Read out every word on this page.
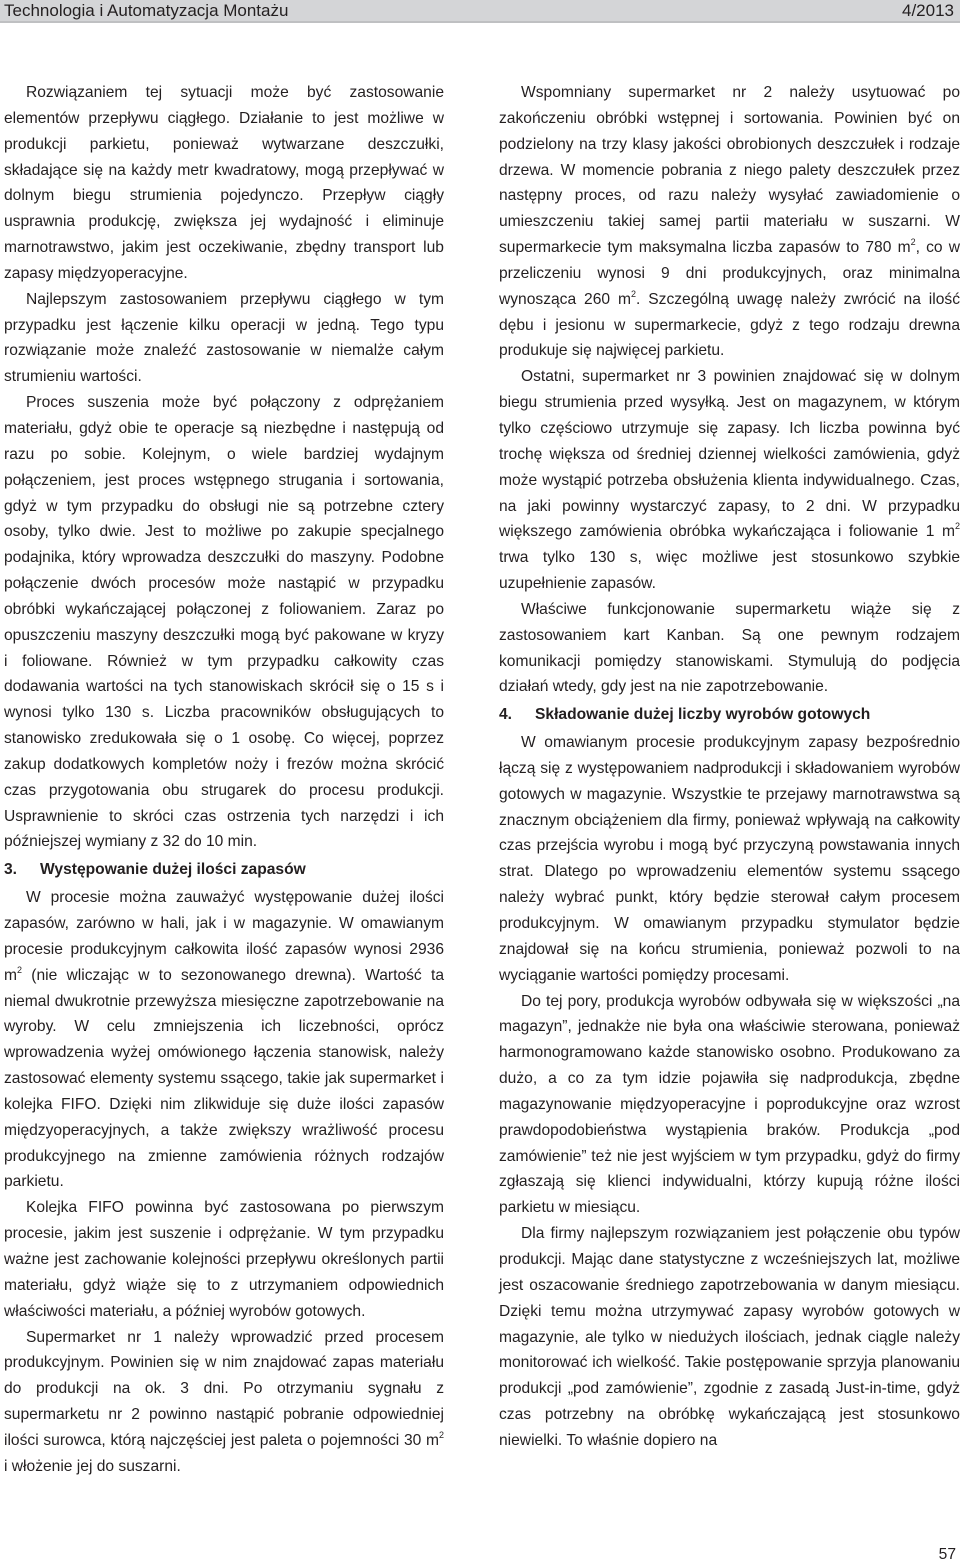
Technologia i Automatyzacja Montażu	4/2013

Rozwiązaniem tej sytuacji może być zastosowanie elementów przepływu ciągłego. Działanie to jest możliwe w produkcji parkietu, ponieważ wytwarzane deszczułki, składające się na każdy metr kwadratowy, mogą przepływać w dolnym biegu strumienia pojedynczo. Przepływ ciągły usprawnia produkcję, zwiększa jej wydajność i eliminuje marnotrawstwo, jakim jest oczekiwanie, zbędny transport lub zapasy międzyoperacyjne.

Najlepszym zastosowaniem przepływu ciągłego w tym przypadku jest łączenie kilku operacji w jedną. Tego typu rozwiązanie może znaleźć zastosowanie w niemalże całym strumieniu wartości.

Proces suszenia może być połączony z odprężaniem materiału, gdyż obie te operacje są niezbędne i następują od razu po sobie. Kolejnym, o wiele bardziej wydajnym połączeniem, jest proces wstępnego strugania i sortowania, gdyż w tym przypadku do obsługi nie są potrzebne cztery osoby, tylko dwie. Jest to możliwe po zakupie specjalnego podajnika, który wprowadza deszczułki do maszyny. Podobne połączenie dwóch procesów może nastąpić w przypadku obróbki wykańczającej połączonej z foliowaniem. Zaraz po opuszczeniu maszyny deszczułki mogą być pakowane w kryzy i foliowane. Również w tym przypadku całkowity czas dodawania wartości na tych stanowiskach skrócił się o 15 s i wynosi tylko 130 s. Liczba pracowników obsługujących to stanowisko zredukowała się o 1 osobę. Co więcej, poprzez zakup dodatkowych kompletów noży i frezów można skrócić czas przygotowania obu strugarek do procesu produkcji. Usprawnienie to skróci czas ostrzenia tych narzędzi i ich późniejszej wymiany z 32 do 10 min.

3. Występowanie dużej ilości zapasów

W procesie można zauważyć występowanie dużej ilości zapasów, zarówno w hali, jak i w magazynie. W omawianym procesie produkcyjnym całkowita ilość zapasów wynosi 2936 $m^2$ (nie wliczając w to sezonowanego drewna). Wartość ta niemal dwukrotnie przewyższa miesięczne zapotrzebowanie na wyroby. W celu zmniejszenia ich liczebności, oprócz wprowadzenia wyżej omówionego łączenia stanowisk, należy zastosować elementy systemu ssącego, takie jak supermarket i kolejka FIFO. Dzięki nim zlikwiduje się duże ilości zapasów międzyoperacyjnych, a także zwiększy wrażliwość procesu produkcyjnego na zmienne zamówienia różnych rodzajów parkietu.

Kolejka FIFO powinna być zastosowana po pierwszym procesie, jakim jest suszenie i odprężanie. W tym przypadku ważne jest zachowanie kolejności przepływu określonych partii materiału, gdyż wiąże się to z utrzymaniem odpowiednich właściwości materiału, a później wyrobów gotowych.

Supermarket nr 1 należy wprowadzić przed procesem produkcyjnym. Powinien się w nim znajdować zapas materiału do produkcji na ok. 3 dni. Po otrzymaniu sygnału z supermarketu nr 2 powinno nastąpić pobranie odpowiedniej ilości surowca, którą najczęściej jest paleta o pojemności 30 $m^2$ i włożenie jej do suszarni.

Wspomniany supermarket nr 2 należy usytuować po zakończeniu obróbki wstępnej i sortowania. Powinien być on podzielony na trzy klasy jakości obrobionych deszczułek i rodzaje drzewa. W momencie pobrania z niego palety deszczułek przez następny proces, od razu należy wysyłać zawiadomienie o umieszczeniu takiej samej partii materiału w suszarni. W supermarkecie tym maksymalna liczba zapasów to 780 $m^2$, co w przeliczeniu wynosi 9 dni produkcyjnych, oraz minimalna wynosząca 260 $m^2$. Szczególną uwagę należy zwrócić na ilość dębu i jesionu w supermarkecie, gdyż z tego rodzaju drewna produkuje się najwięcej parkietu.

Ostatni, supermarket nr 3 powinien znajdować się w dolnym biegu strumienia przed wysyłką. Jest on magazynem, w którym tylko częściowo utrzymuje się zapasy. Ich liczba powinna być trochę większa od średniej dziennej wielkości zamówienia, gdyż może wystąpić potrzeba obsłużenia klienta indywidualnego. Czas, na jaki powinny wystarczyć zapasy, to 2 dni. W przypadku większego zamówienia obróbka wykańczająca i foliowanie 1 $m^2$ trwa tylko 130 s, więc możliwe jest stosunkowo szybkie uzupełnienie zapasów.

Właściwe funkcjonowanie supermarketu wiąże się z zastosowaniem kart Kanban. Są one pewnym rodzajem komunikacji pomiędzy stanowiskami. Stymulują do podjęcia działań wtedy, gdy jest na nie zapotrzebowanie.

4. Składowanie dużej liczby wyrobów gotowych

W omawianym procesie produkcyjnym zapasy bezpośrednio łączą się z występowaniem nadprodukcji i składowaniem wyrobów gotowych w magazynie. Wszystkie te przejawy marnotrawstwa są znacznym obciążeniem dla firmy, ponieważ wpływają na całkowity czas przejścia wyrobu i mogą być przyczyną powstawania innych strat. Dlatego po wprowadzeniu elementów systemu ssącego należy wybrać punkt, który będzie sterował całym procesem produkcyjnym. W omawianym przypadku stymulator będzie znajdował się na końcu strumienia, ponieważ pozwoli to na wyciąganie wartości pomiędzy procesami.

Do tej pory, produkcja wyrobów odbywała się w większości „na magazyn”, jednakże nie była ona właściwie sterowana, ponieważ harmonogramowano każde stanowisko osobno. Produkowano za dużo, a co za tym idzie pojawiła się nadprodukcja, zbędne magazynowanie międzyoperacyjne i poprodukcyjne oraz wzrost prawdopodobieństwa wystąpienia braków. Produkcja „pod zamówienie” też nie jest wyjściem w tym przypadku, gdyż do firmy zgłaszają się klienci indywidualni, którzy kupują różne ilości parkietu w miesiącu.

Dla firmy najlepszym rozwiązaniem jest połączenie obu typów produkcji. Mając dane statystyczne z wcześniejszych lat, możliwe jest oszacowanie średniego zapotrzebowania w danym miesiącu. Dzięki temu można utrzymywać zapasy wyrobów gotowych w magazynie, ale tylko w niedużych ilościach, jednak ciągle należy monitorować ich wielkość. Takie postępowanie sprzyja planowaniu produkcji „pod zamówienie”, zgodnie z zasadą Just-in-time, gdyż czas potrzebny na obróbkę wykańczającą jest stosunkowo niewielki. To właśnie dopiero na

57
